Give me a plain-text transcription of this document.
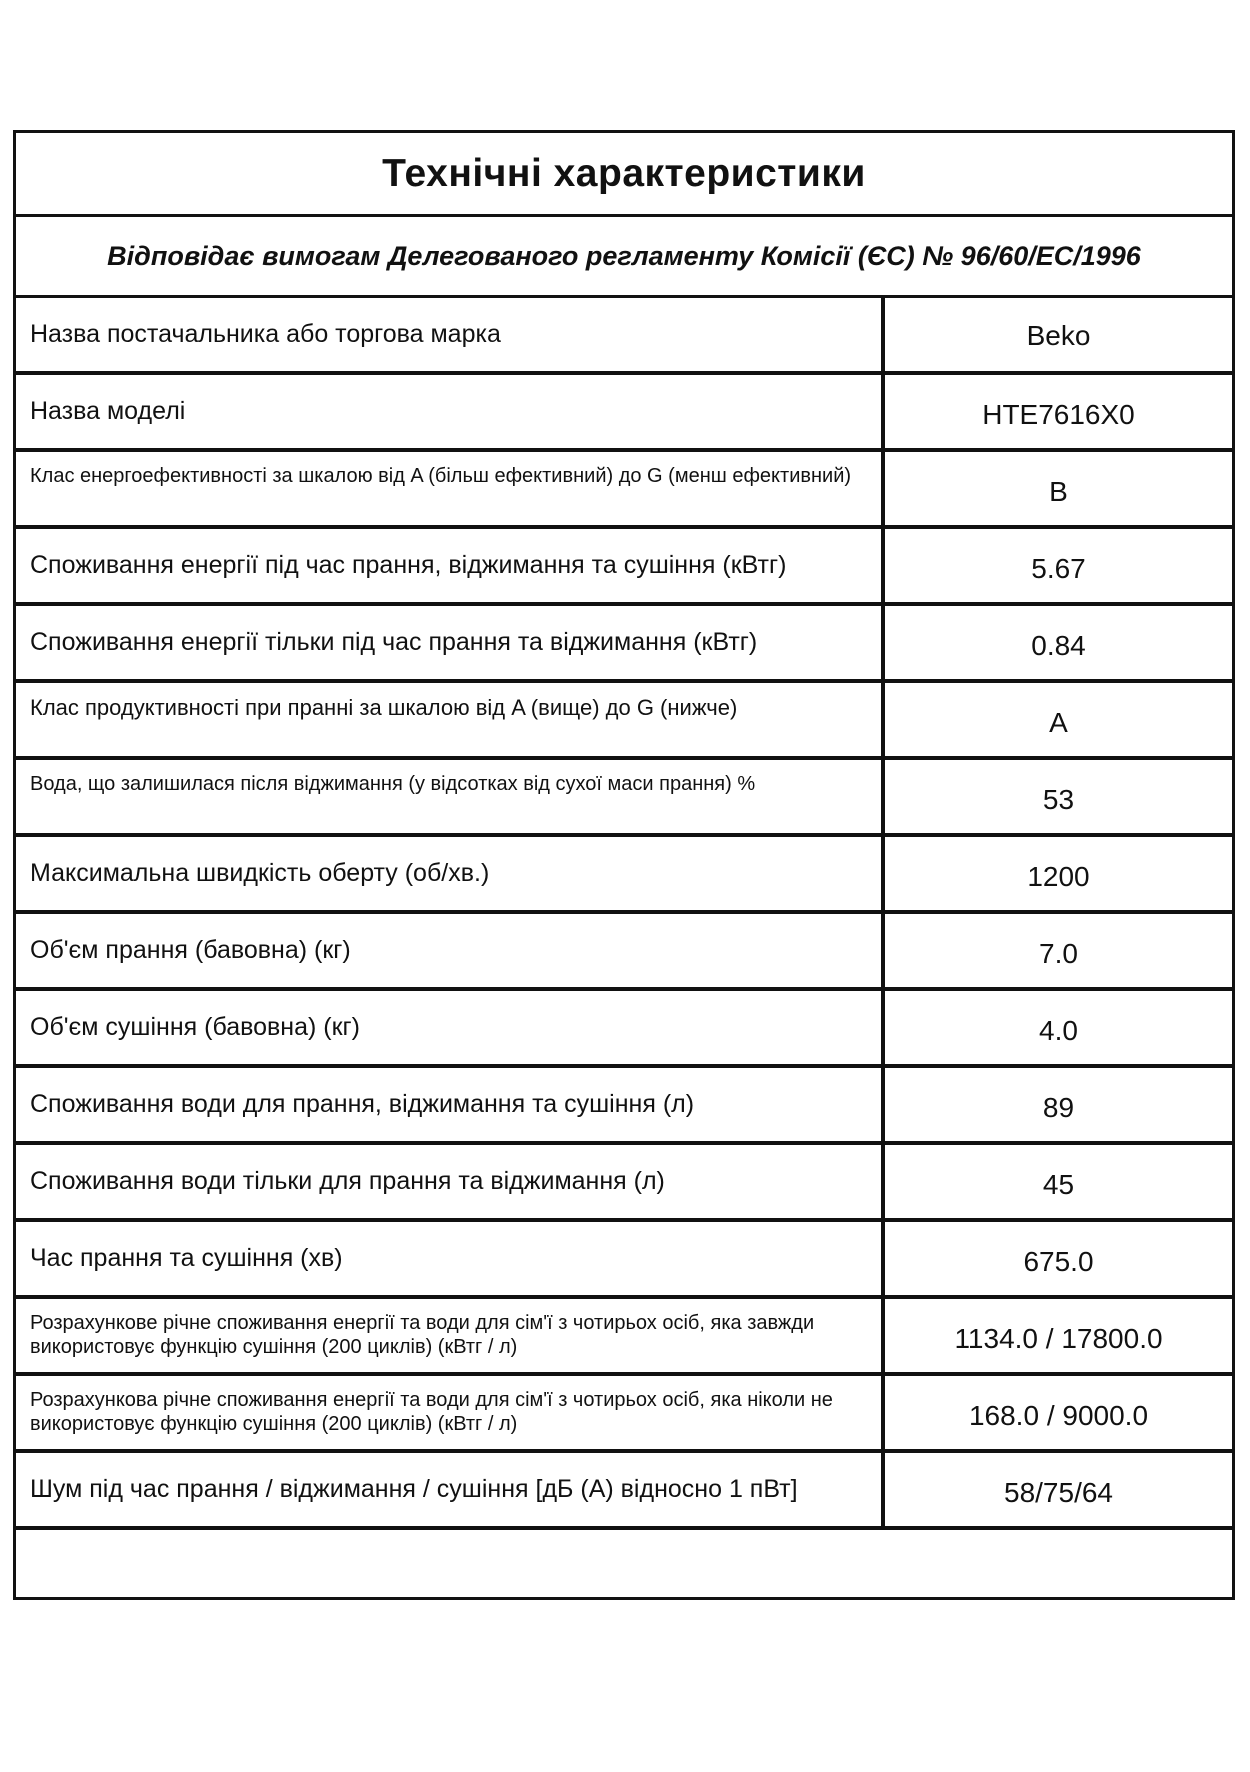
Технічні характеристики
Відповідає вимогам Делегованого регламенту Комісії (ЄС) № 96/60/EC/1996
Назва постачальника або торгова марка	Beko
Назва моделі	HTE7616X0
Клас енергоефективності за шкалою від A (більш ефективний) до G (менш ефективний)	B
Споживання енергії під час прання, віджимання та сушіння (кВтг)	5.67
Споживання енергії тільки під час прання та віджимання (кВтг)	0.84
Клас продуктивності при пранні за шкалою від A (вище) до G (нижче)	A
Вода, що залишилася після віджимання (у відсотках від сухої маси прання) %	53
Максимальна швидкість оберту (об/хв.)	1200
Об'єм прання (бавовна) (кг)	7.0
Об'єм сушіння (бавовна) (кг)	4.0
Споживання води для прання, віджимання та сушіння (л)	89
Споживання води тільки для прання та віджимання (л)	45
Час прання та сушіння (хв)	675.0
Розрахункове річне споживання енергії та води для сім'ї з чотирьох осіб, яка завжди використовує функцію сушіння (200 циклів) (кВтг / л)	1134.0 / 17800.0
Розрахункова річне споживання енергії та води для сім'ї з чотирьох осіб, яка ніколи не використовує функцію сушіння (200 циклів) (кВтг / л)	168.0 / 9000.0
Шум під час прання / віджимання / сушіння [дБ (A) відносно 1 пВт]	58/75/64
